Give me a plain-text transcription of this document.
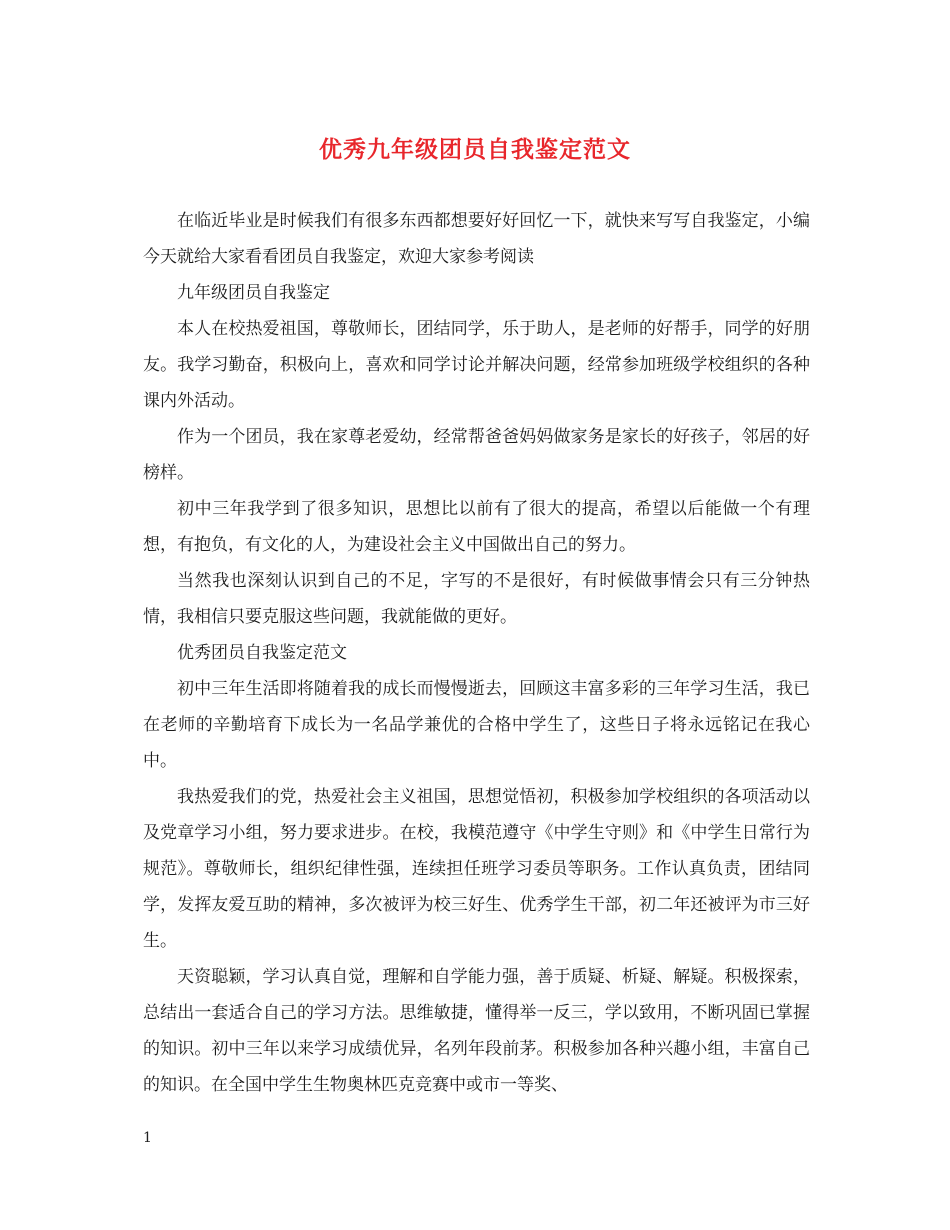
优秀九年级团员自我鉴定范文

在临近毕业是时候我们有很多东西都想要好好回忆一下，就快来写写自我鉴定，小编今天就给大家看看团员自我鉴定，欢迎大家参考阅读

九年级团员自我鉴定

本人在校热爱祖国，尊敬师长，团结同学，乐于助人，是老师的好帮手，同学的好朋友。我学习勤奋，积极向上，喜欢和同学讨论并解决问题，经常参加班级学校组织的各种课内外活动。

作为一个团员，我在家尊老爱幼，经常帮爸爸妈妈做家务是家长的好孩子，邻居的好榜样。

初中三年我学到了很多知识，思想比以前有了很大的提高，希望以后能做一个有理想，有抱负，有文化的人，为建设社会主义中国做出自己的努力。

当然我也深刻认识到自己的不足，字写的不是很好，有时候做事情会只有三分钟热情，我相信只要克服这些问题，我就能做的更好。

优秀团员自我鉴定范文

初中三年生活即将随着我的成长而慢慢逝去，回顾这丰富多彩的三年学习生活，我已在老师的辛勤培育下成长为一名品学兼优的合格中学生了，这些日子将永远铭记在我心中。

我热爱我们的党，热爱社会主义祖国，思想觉悟初，积极参加学校组织的各项活动以及党章学习小组，努力要求进步。在校，我模范遵守《中学生守则》和《中学生日常行为规范》。尊敬师长，组织纪律性强，连续担任班学习委员等职务。工作认真负责，团结同学，发挥友爱互助的精神，多次被评为校三好生、优秀学生干部，初二年还被评为市三好生。

天资聪颖，学习认真自觉，理解和自学能力强，善于质疑、析疑、解疑。积极探索，总结出一套适合自己的学习方法。思维敏捷，懂得举一反三，学以致用，不断巩固已掌握的知识。初中三年以来学习成绩优异，名列年段前茅。积极参加各种兴趣小组，丰富自己的知识。在全国中学生生物奥林匹克竞赛中或市一等奖、

1
